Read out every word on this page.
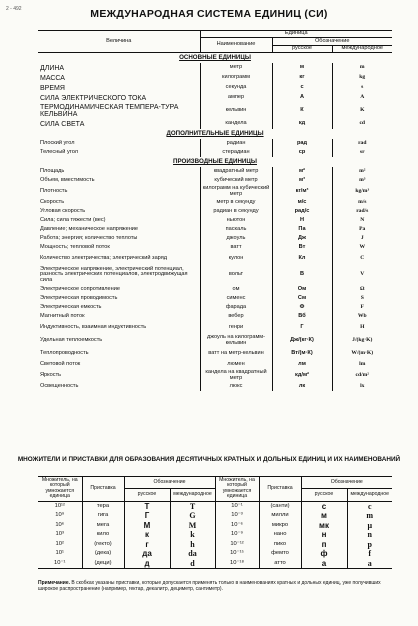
2 - 492	МЕЖДУНАРОДНАЯ СИСТЕМА ЕДИНИЦ (СИ)
Величина	Единица		
	Наименование	Обозначение	
		русское	международное
ОСНОВНЫЕ ЕДИНИЦЫ			
ДЛИНА	метр	м	m
МАССА	килограмм	кг	kg
ВРЕМЯ	секунда	с	s
СИЛА ЭЛЕКТРИЧЕСКОГО ТОКА	ампер	А	A
ТЕРМОДИНАМИЧЕСКАЯ ТЕМПЕРА-ТУРА КЕЛЬВИНА	кельвин	К	K
СИЛА СВЕТА	кандела	кд	cd
ДОПОЛНИТЕЛЬНЫЕ ЕДИНИЦЫ			
Плоский угол	радиан	рад	rad
Телесный угол	стерадиан	ср	sr
ПРОИЗВОДНЫЕ ЕДИНИЦЫ			
Площадь	квадратный метр	м²	m²
Объем, вместимость	кубический метр	м³	m³
Плотность	килограмм на кубический метр	кг/м³	kg/m³
Скорость	метр в секунду	м/с	m/s
Угловая скорость	радиан в секунду	рад/с	rad/s
Сила; сила тяжести (вес)	ньютон	Н	N
Давление; механическое напряжение	паскаль	Па	Pa
Работа; энергия; количество теплоты	джоуль	Дж	J
Мощность; тепловой поток	ватт	Вт	W
Количество электричества; электрический заряд	кулон	Кл	C
Электрическое напряжение, электрический потенциал, разность электрических потенциалов, электродвижущая сила	вольт	В	V
Электрическое сопротивление	ом	Ом	Ω
Электрическая проводимость	сименс	См	S
Электрическая емкость	фарада	Ф	F
Магнитный поток	вебер	Вб	Wb
Индуктивность, взаимная индуктивность	генри	Г	H
Удельная теплоемкость	джоуль на килограмм-кельвин	Дж/(кг·К)	J/(kg·K)
Теплопроводность	ватт на метр-кельвин	Вт/(м·К)	W/(m·K)
Световой поток	люмен	лм	lm
Яркость	кандела на квадратный метр	кд/м²	cd/m²
Освещенность	люкс	лк	lx
МНОЖИТЕЛИ И ПРИСТАВКИ ДЛЯ ОБРАЗОВАНИЯ ДЕСЯТИЧНЫХ КРАТНЫХ И ДОЛЬНЫХ ЕДИНИЦ И ИХ НАИМЕНОВАНИЙ
Множитель, на который умножается единица	Приставка	Обозначение		Множитель, на который умножается единица	Приставка	Обозначение	
		русское	международное			русское	международное
10¹²	тера	Т	T	10⁻¹	(санти)	с	c
10⁹	гига	Г	G	10⁻³	милли	м	m
10⁶	мега	М	M	10⁻⁶	микро	мк	μ
10³	кило	к	k	10⁻⁹	нано	н	n
10²	(гекто)	г	h	10⁻¹²	пико	п	p
10¹	(дека)	да	da	10⁻¹⁵	фемто	ф	f
10⁻¹	(деци)	д	d	10⁻¹⁸	атто	а	a
Примечание. В скобках указаны приставки, которые допускается применять только в наименованиях кратных и дольных единиц, уже получивших широкое распространение (например, гектар, декалитр, дециметр, сантиметр).
